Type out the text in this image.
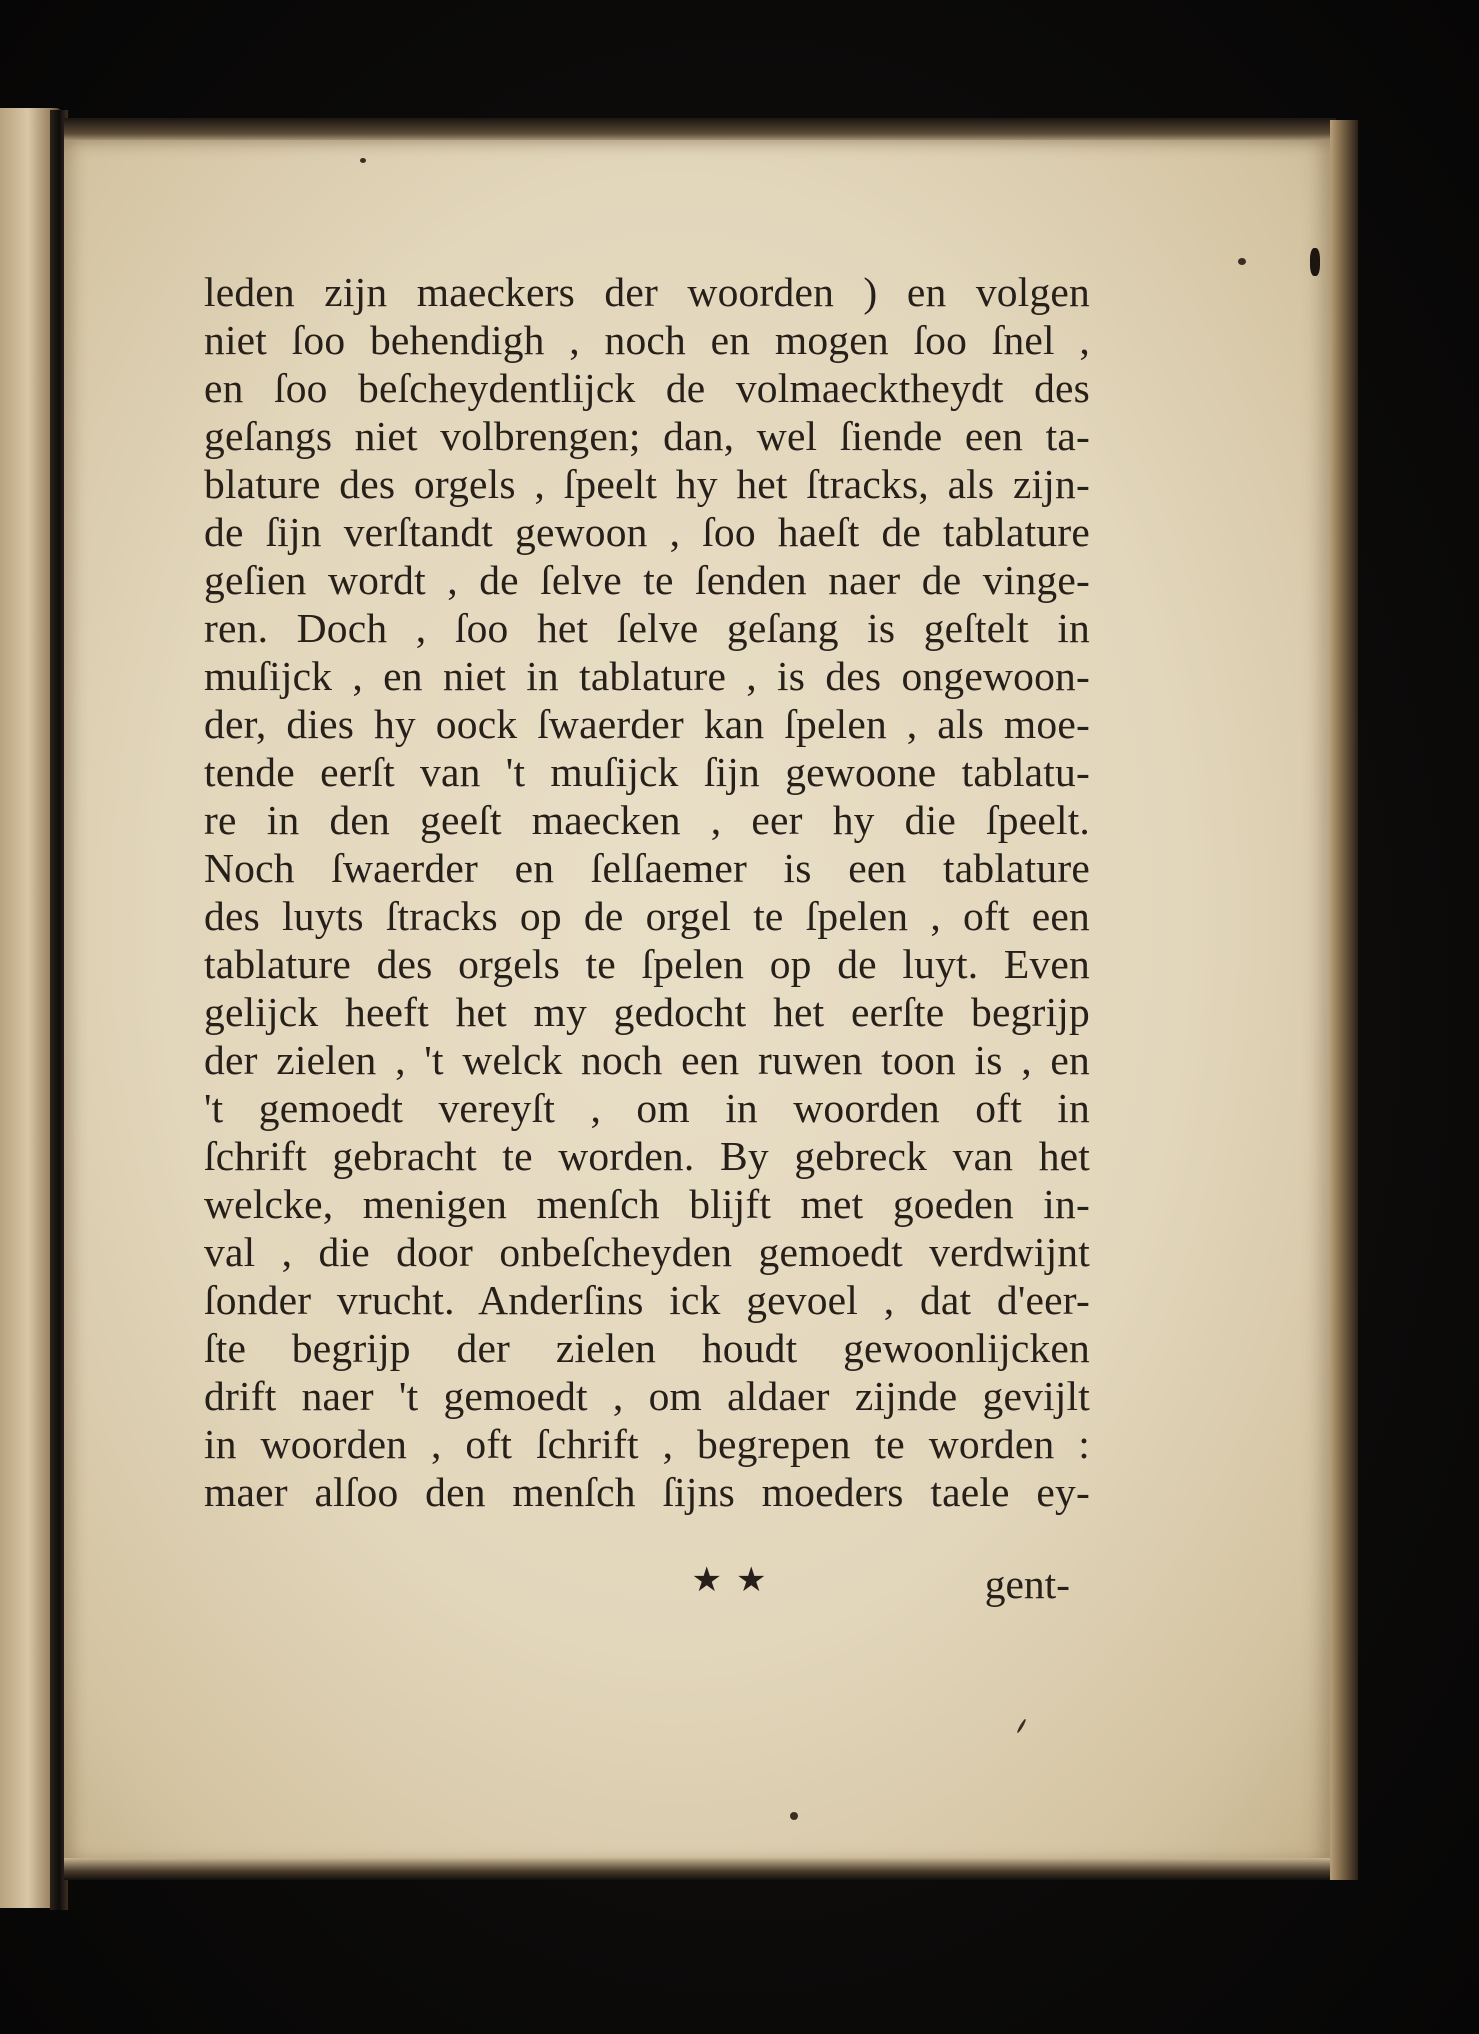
leden zijn maeckers der woorden ) en volgen
niet ſoo behendigh , noch en mogen ſoo ſnel ,
en ſoo beſcheydentlijck de volmaecktheydt des
geſangs niet volbrengen; dan, wel ſiende een ta-
blature des orgels , ſpeelt hy het ſtracks, als zijn-
de ſijn verſtandt gewoon , ſoo haeſt de tablature
geſien wordt , de ſelve te ſenden naer de vinge-
ren. Doch , ſoo het ſelve geſang is geſtelt in
muſijck , en niet in tablature , is des ongewoon-
der, dies hy oock ſwaerder kan ſpelen , als moe-
tende eerſt van 't muſijck ſijn gewoone tablatu-
re in den geeſt maecken , eer hy die ſpeelt.
Noch ſwaerder en ſelſaemer is een tablature
des luyts ſtracks op de orgel te ſpelen , oft een
tablature des orgels te ſpelen op de luyt. Even
gelijck heeft het my gedocht het eerſte begrijp
der zielen , 't welck noch een ruwen toon is , en
't gemoedt vereyſt , om in woorden oft in
ſchrift gebracht te worden. By gebreck van het
welcke, menigen menſch blijft met goeden in-
val , die door onbeſcheyden gemoedt verdwijnt
ſonder vrucht. Anderſins ick gevoel , dat d'eer-
ſte begrijp der zielen houdt gewoonlijcken
drift naer 't gemoedt , om aldaer zijnde gevijlt
in woorden , oft ſchrift , begrepen te worden :
maer alſoo den menſch ſijns moeders taele ey-
★★	gent-
